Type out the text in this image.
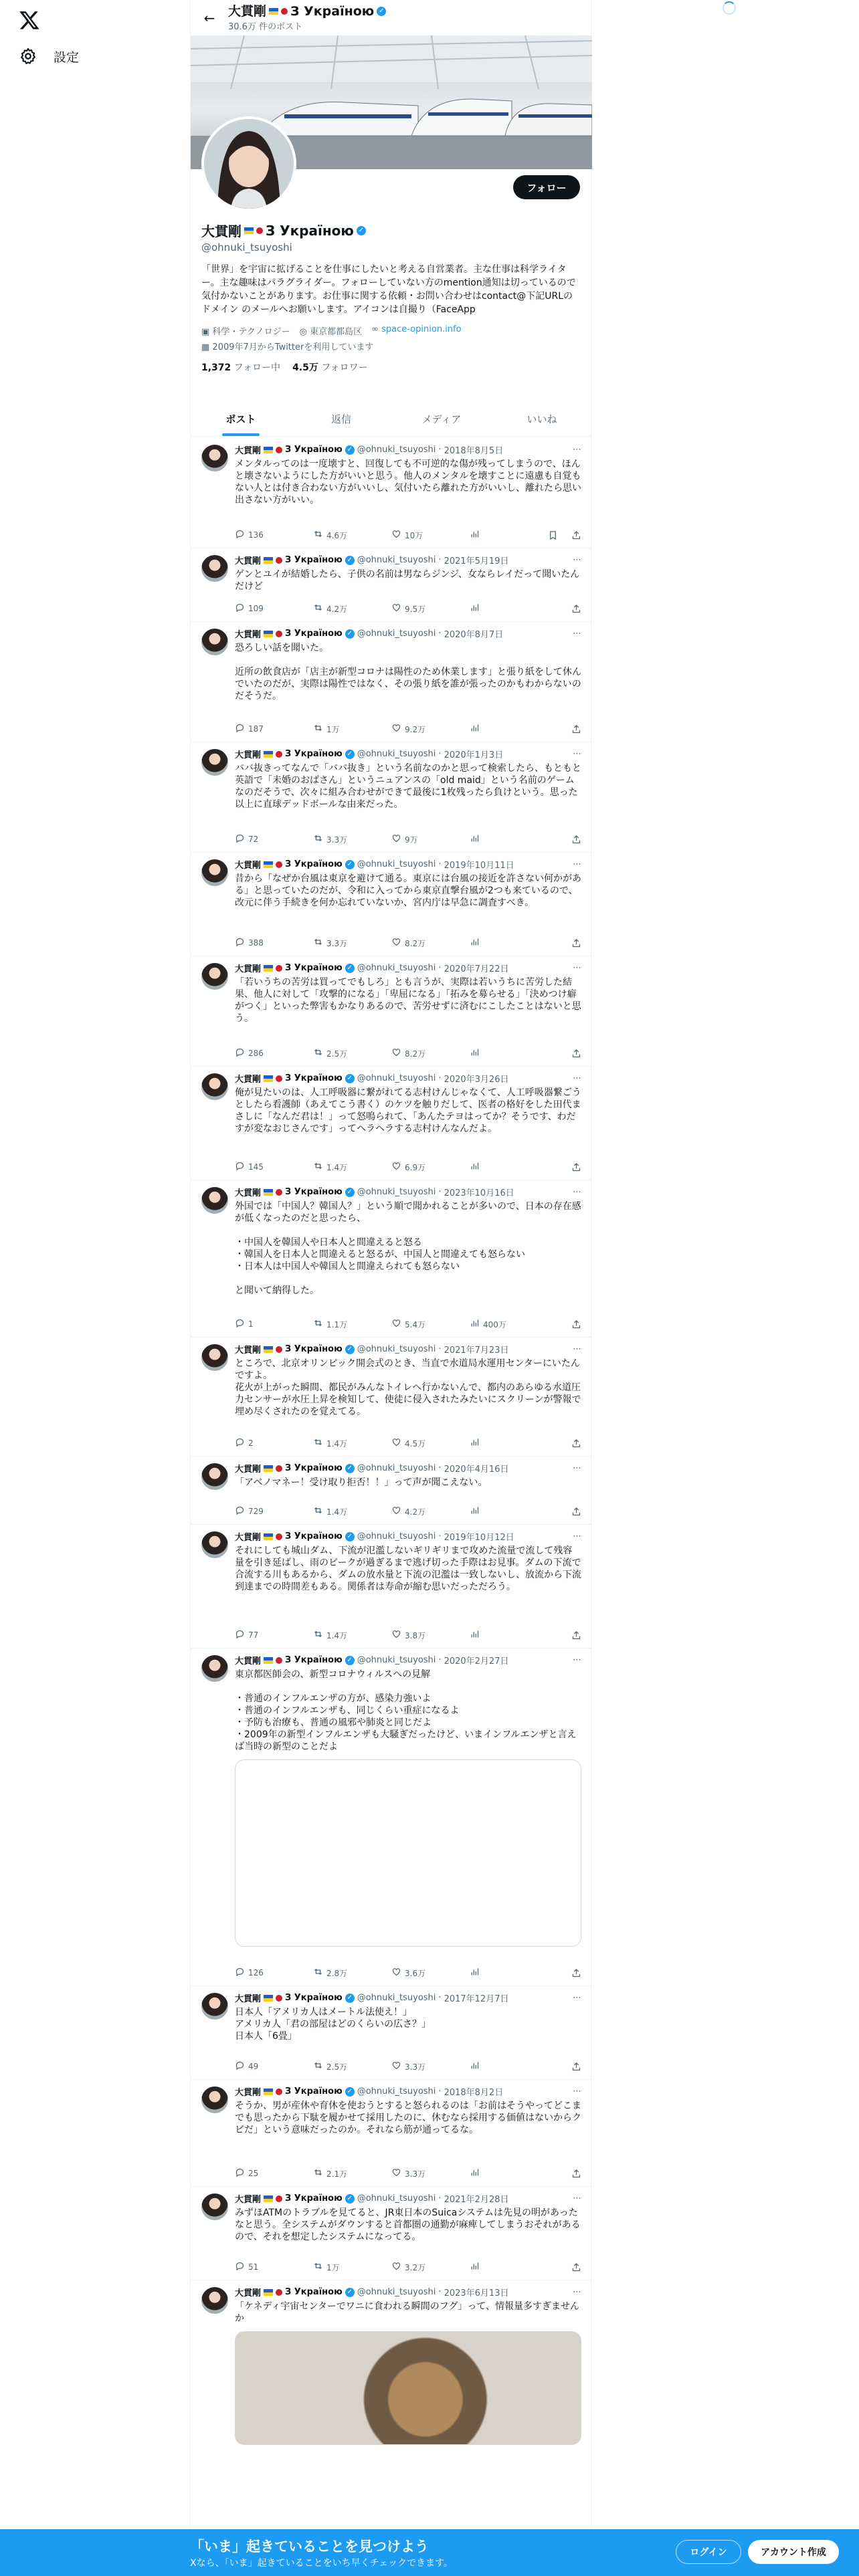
設定
←	大貫剛 З Україною ✓
30.6万 件のポスト
フォロー
大貫剛 З Україною ✓
@ohnuki_tsuyoshi
「世界」を宇宙に拡げることを仕事にしたいと考える自営業者。主な仕事は科学ライター。主な趣味はパラグライダー。フォローしていない方のmention通知は切っているので気付かないことがあります。お仕事に関する依頼・お問い合わせはcontact@下記URLのドメイン のメールへお願いします。アイコンは自撮り（FaceApp
▣ 科学・テクノロジー ◎ 東京都都島区 ∞ space-opinion.info
▦ 2009年7月からTwitterを利用しています
1,372 フォロー中 4.5万 フォロワー
ポスト	返信	メディア	いいね
大貫剛	З Україною ✓ @ohnuki_tsuyoshi · 2018年8月5日	⋯
メンタルってのは一度壊すと、回復しても不可逆的な傷が残ってしまうので、ほんと壊さないようにした方がいいと思う。他人のメンタルを壊すことに遠慮も自覚もない人とは付き合わない方がいいし、気付いたら離れた方がいいし、離れたら思い出さない方がいい。
136	4.6万	10万
大貫剛	З Україною ✓ @ohnuki_tsuyoshi · 2021年5月19日	⋯
ゲンとユイが結婚したら、子供の名前は男ならジンジ、女ならレイだって聞いたんだけど
109	4.2万	9.5万
大貫剛	З Україною ✓ @ohnuki_tsuyoshi · 2020年8月7日	⋯
恐ろしい話を聞いた。

近所の飲食店が「店主が新型コロナは陽性のため休業します」と張り紙をして休んでいたのだが、実際は陽性ではなく、その張り紙を誰が張ったのかもわからないのだそうだ。
187	1万	9.2万
大貫剛	З Україною ✓ @ohnuki_tsuyoshi · 2020年1月3日	⋯
ババ抜きってなんで「ババ抜き」という名前なのかと思って検索したら、もともと英語で「未婚のおばさん」というニュアンスの「old maid」という名前のゲームなのだそうで、次々に組み合わせができて最後に1枚残ったら負けという。思った以上に直球デッドボールな由来だった。
72	3.3万	9万
大貫剛	З Україною ✓ @ohnuki_tsuyoshi · 2019年10月11日	⋯
昔から「なぜか台風は東京を避けて通る。東京には台風の接近を許さない何かがある」と思っていたのだが、令和に入ってから東京直撃台風が2つも来ているので、改元に伴う手続きを何か忘れていないか、宮内庁は早急に調査すべき。
388	3.3万	8.2万
大貫剛	З Україною ✓ @ohnuki_tsuyoshi · 2020年7月22日	⋯
「若いうちの苦労は買ってでもしろ」とも言うが、実際は若いうちに苦労した結果、他人に対して「攻撃的になる」「卑屈になる」「拓みを募らせる」「決めつけ癖がつく」といった弊害もかなりあるので、苦労せずに済むにこしたことはないと思う。
286	2.5万	8.2万
大貫剛	З Україною ✓ @ohnuki_tsuyoshi · 2020年3月26日	⋯
俺が見たいのは、人工呼吸器に繋がれてる志村けんじゃなくて、人工呼吸器繋ごうとしたら看護師（あえてこう書く）のケツを触りだして、医者の格好をした田代まさしに「なんだ君は！」って怒鳴られて、「あんたテヨはってか？そうです、わだすが変なおじさんです」ってヘラヘラする志村けんなんだよ。
145	1.4万	6.9万
大貫剛	З Україною ✓ @ohnuki_tsuyoshi · 2023年10月16日	⋯
外国では「中国人？韓国人？」という順で聞かれることが多いので、日本の存在感が低くなったのだと思ったら、

・中国人を韓国人や日本人と間違えると怒る
・韓国人を日本人と間違えると怒るが、中国人と間違えても怒らない
・日本人は中国人や韓国人と間違えられても怒らない

と聞いて納得した。
1	1.1万	5.4万	400万
大貫剛	З Україною ✓ @ohnuki_tsuyoshi · 2021年7月23日	⋯
ところで、北京オリンピック開会式のとき、当直で水道局水運用センターにいたんですよ。
花火が上がった瞬間、都民がみんなトイレへ行かないんで、都内のあらゆる水道圧力センサーが水圧上昇を検知して、使徒に侵入されたみたいにスクリーンが警報で埋め尽くされたのを覚えてる。
2	1.4万	4.5万
大貫剛	З Україною ✓ @ohnuki_tsuyoshi · 2020年4月16日	⋯
「アベノマネー！受け取り拒否！！」って声が聞こえない。
729	1.4万	4.2万
大貫剛	З Україною ✓ @ohnuki_tsuyoshi · 2019年10月12日	⋯
それにしても城山ダム、下流が氾濫しないギリギリまで攻めた流量で流して残容量を引き延ばし、雨のピークが過ぎるまで逃げ切った手際はお見事。ダムの下流で合流する川もあるから、ダムの放水量と下流の氾濫は一致しないし、放流から下流到達までの時間差もある。関係者は寿命が縮む思いだっただろう。
77	1.4万	3.8万
大貫剛	З Україною ✓ @ohnuki_tsuyoshi · 2020年2月27日	⋯
東京都医師会の、新型コロナウィルスへの見解

・普通のインフルエンザの方が、感染力強いよ
・普通のインフルエンザも、同じくらい重症になるよ
・予防も治療も、普通の風邪や肺炎と同じだよ
・2009年の新型インフルエンザも大騒ぎだったけど、いまインフルエンザと言えば当時の新型のことだよ
126	2.8万	3.6万
大貫剛	З Україною ✓ @ohnuki_tsuyoshi · 2017年12月7日	⋯
日本人「アメリカ人はメートル法使え！」
アメリカ人「君の部屋はどのくらいの広さ？」
日本人「6畳」
49	2.5万	3.3万
大貫剛	З Україною ✓ @ohnuki_tsuyoshi · 2018年8月2日	⋯
そうか、男が産休や育休を使おうとすると怒られるのは「お前はそうやってどこまでも思ったから下駄を履かせて採用したのに、休むなら採用する価値はないからクビだ」という意味だったのか。それなら筋が通ってるな。
25	2.1万	3.3万
大貫剛	З Україною ✓ @ohnuki_tsuyoshi · 2021年2月28日	⋯
みずほATMのトラブルを見てると、JR東日本のSuicaシステムは先見の明があったなと思う。全システムがダウンすると首都圏の通勤が麻痺してしまうおそれがあるので、それを想定したシステムになってる。
51	1万	3.2万
大貫剛	З Україною ✓ @ohnuki_tsuyoshi · 2023年6月13日	⋯
「ケネディ宇宙センターでワニに食われる瞬間のフグ」って、情報量多すぎませんか
「いま」起きていることを見つけよう
Xなら、「いま」起きていることをいち早くチェックできます。
ログイン	アカウント作成
